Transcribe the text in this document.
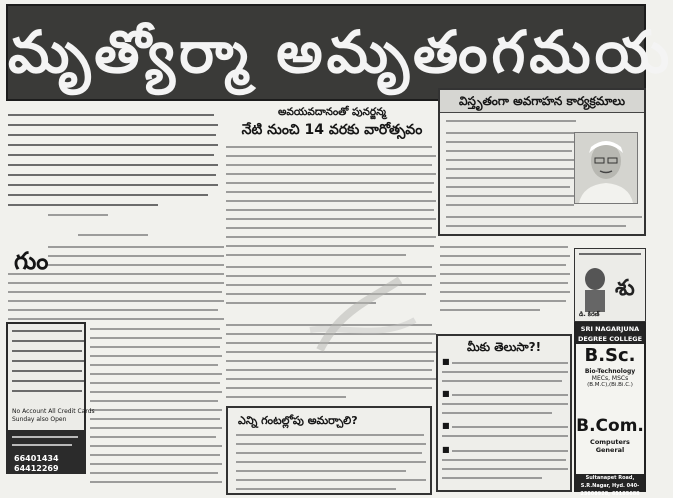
మృత్యోర్మా అమృతంగమయ
అవయవదానంతో పునర్జన్మ
నేటి నుంచి 14 వరకు వారోత్సవం
విస్తృతంగా అవగాహన కార్యక్రమాలు
గుం
No Account All Credit Cards
Sunday also Open
66401434
64412269
ఎన్ని గంటల్లోపు అమర్చాలి?
మీకు తెలుసా?!
■
■
■
■
శు
డి. కిరణ్
SRI NAGARJUNA
DEGREE COLLEGE
B.Sc.
Bio-Technology
MECs, MSCs
(B.M.C),(Bi.Bi.C.)
B.Com.
Computers
General
Sultanapet Road, S.R.Nagar, Hyd. 040-23808928, 65185688
